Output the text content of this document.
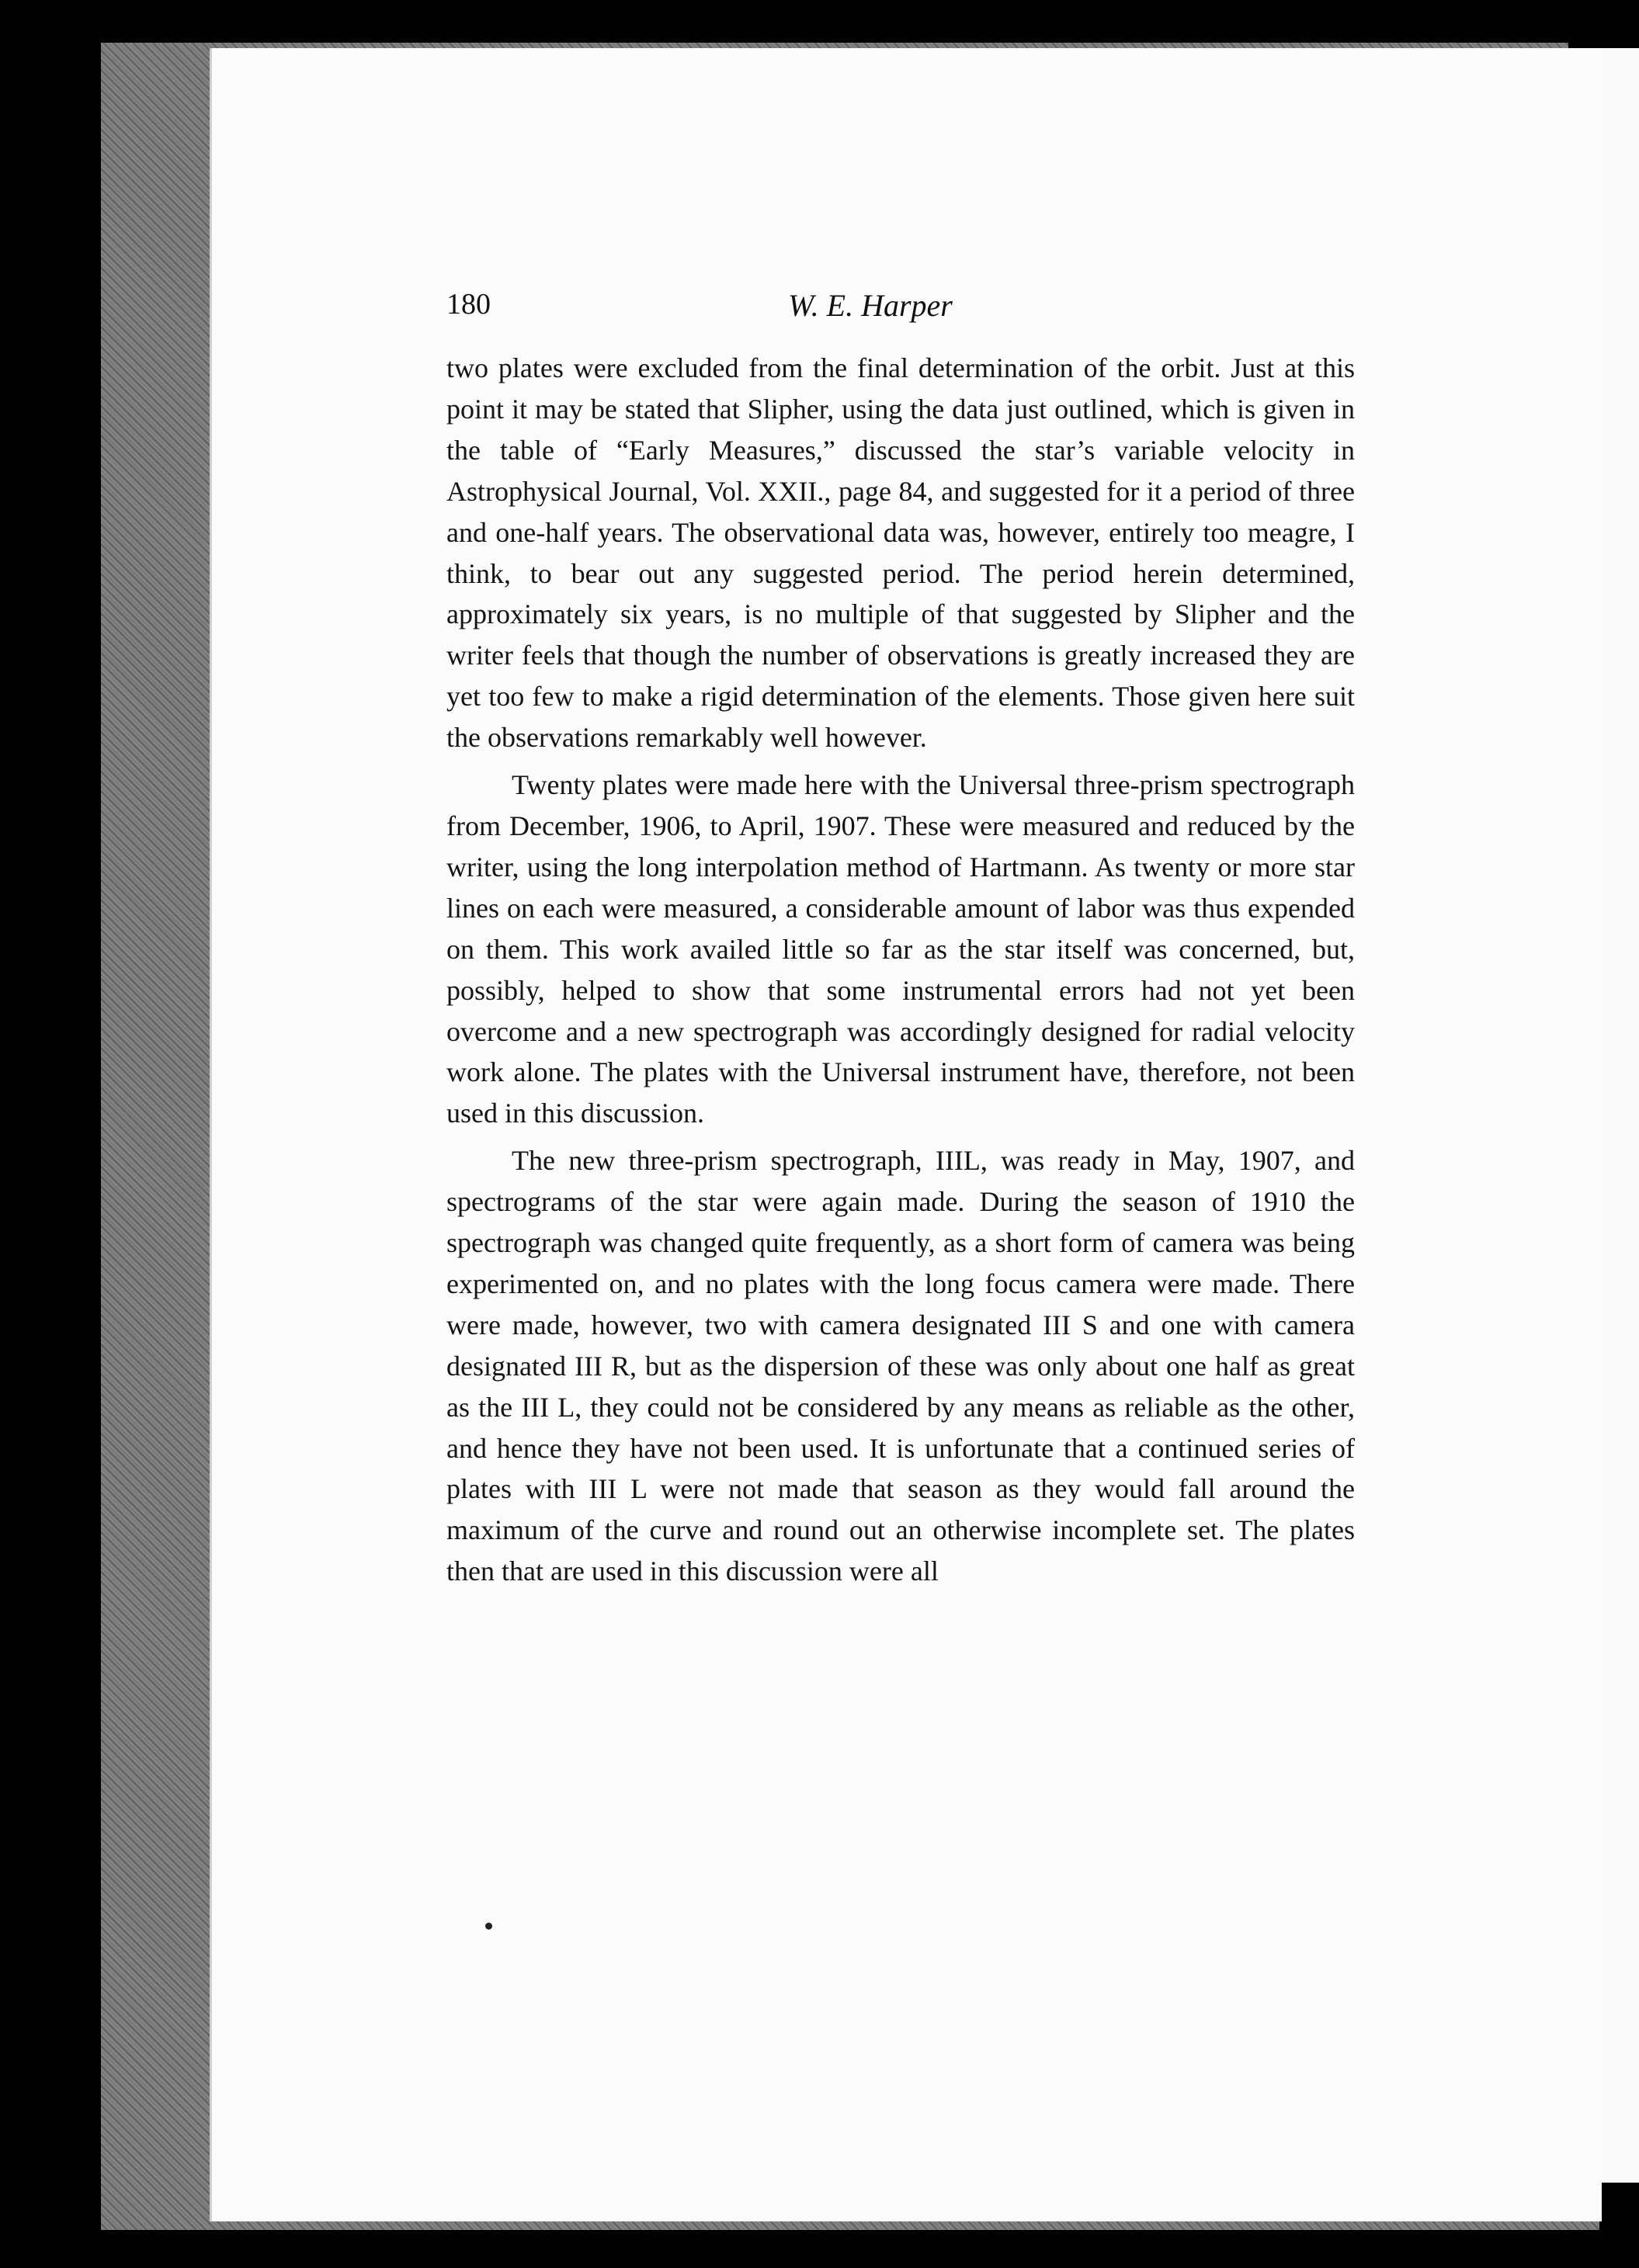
180	W. E. Harper

two plates were excluded from the final determination of the orbit. Just at this point it may be stated that Slipher, using the data just outlined, which is given in the table of “Early Measures,” discussed the star’s variable velocity in Astrophysical Journal, Vol. XXII., page 84, and suggested for it a period of three and one-half years. The observational data was, however, entirely too meagre, I think, to bear out any suggested period. The period herein determined, approximately six years, is no multiple of that suggested by Slipher and the writer feels that though the number of observations is greatly increased they are yet too few to make a rigid determination of the elements. Those given here suit the observations remarkably well however.

Twenty plates were made here with the Universal three-prism spectrograph from December, 1906, to April, 1907. These were measured and reduced by the writer, using the long interpolation method of Hartmann. As twenty or more star lines on each were measured, a considerable amount of labor was thus expended on them. This work availed little so far as the star itself was concerned, but, possibly, helped to show that some instrumental errors had not yet been overcome and a new spectrograph was accordingly designed for radial velocity work alone. The plates with the Universal instrument have, therefore, not been used in this discussion.

The new three-prism spectrograph, IIIL, was ready in May, 1907, and spectrograms of the star were again made. During the season of 1910 the spectrograph was changed quite frequently, as a short form of camera was being experimented on, and no plates with the long focus camera were made. There were made, however, two with camera designated III S and one with camera designated III R, but as the dispersion of these was only about one half as great as the III L, they could not be considered by any means as reliable as the other, and hence they have not been used. It is unfortunate that a continued series of plates with III L were not made that season as they would fall around the maximum of the curve and round out an otherwise incomplete set. The plates then that are used in this discussion were all
